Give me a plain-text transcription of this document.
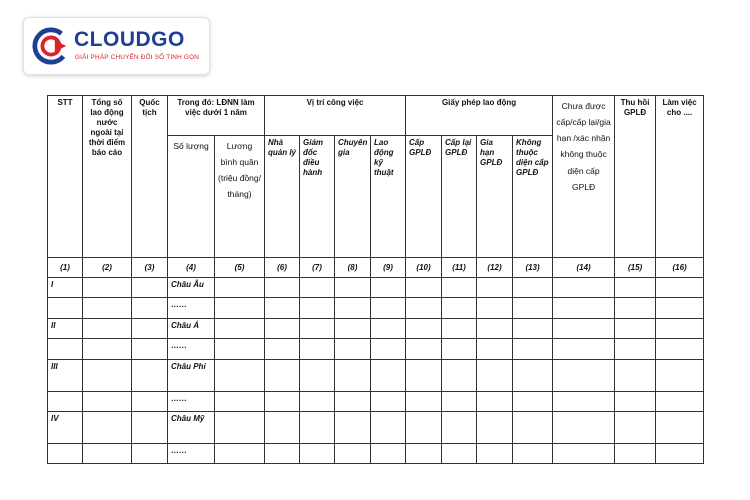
CLOUDGO
GIẢI PHÁP CHUYỂN ĐỔI SỐ TINH GỌN
STT	Tổng số lao động nước ngoài tại thời điểm báo cáo	Quốc tịch	Trong đó: LĐNN làm việc dưới 1 năm		Vị trí công việc				Giấy phép lao động				Chưa được cấp/cấp lại/gia hạn /xác nhận không thuộc diện cấp GPLĐ	Thu hồi GPLĐ	Làm việc cho ....
			Số lượng	Lương bình quân (triệu đồng/ tháng)	Nhà quản lý	Giám đốc điều hành	Chuyên gia	Lao động kỹ thuật	Cấp GPLĐ	Cấp lại GPLĐ	Gia hạn GPLĐ	Không thuộc diện cấp GPLĐ			
(1)	(2)	(3)	(4)	(5)	(6)	(7)	(8)	(9)	(10)	(11)	(12)	(13)	(14)	(15)	(16)
I			Châu Âu												
			……												
II			Châu Á												
			……												
III			Châu Phi												
			……												
IV			Châu Mỹ												
			……												
